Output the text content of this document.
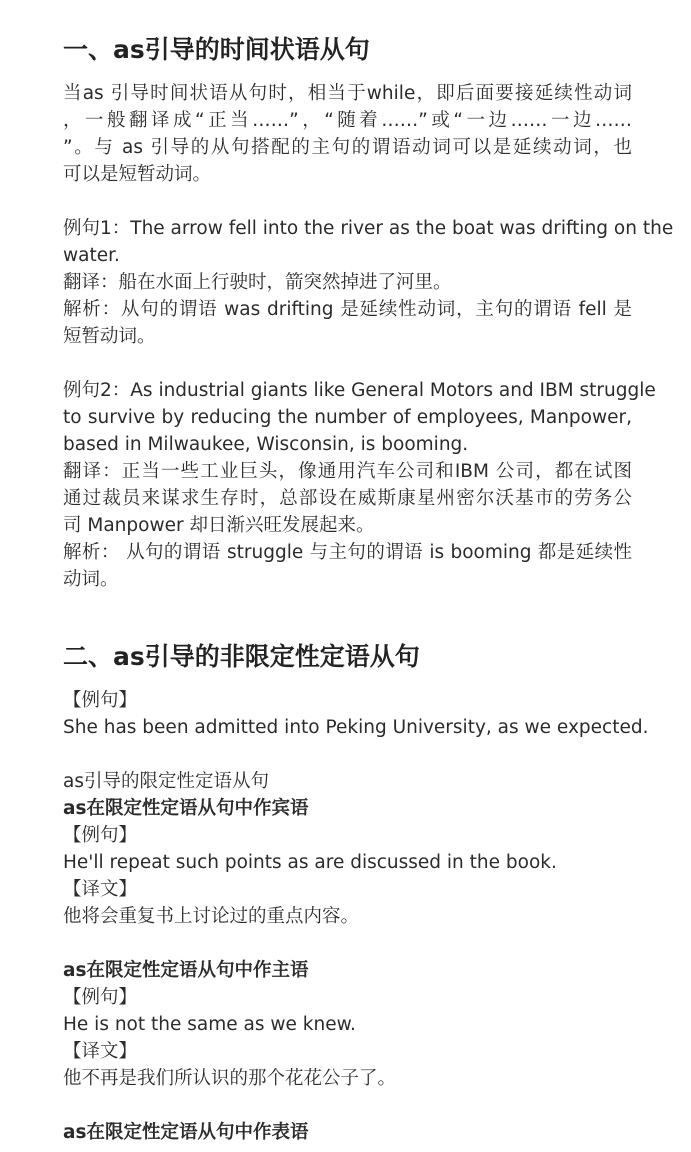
一、as引导的时间状语从句
当as 引导时间状语从句时，相当于while，即后面要接延续性动词
，一般翻译成“正当……”，“随着……”或“一边……一边……
”。与 as 引导的从句搭配的主句的谓语动词可以是延续动词，也
可以是短暂动词。
例句1：The arrow fell into the river as the boat was drifting on the
water.
翻译：船在水面上行驶时，箭突然掉进了河里。
解析：从句的谓语 was drifting 是延续性动词，主句的谓语 fell 是
短暂动词。
例句2：As industrial giants like General Motors and IBM struggle
to survive by reducing the number of employees, Manpower,
based in Milwaukee, Wisconsin, is booming.
翻译：正当一些工业巨头，像通用汽车公司和IBM 公司，都在试图
通过裁员来谋求生存时，总部设在威斯康星州密尔沃基市的劳务公
司 Manpower 却日渐兴旺发展起来。
解析： 从句的谓语 struggle 与主句的谓语 is booming 都是延续性
动词。
二、as引导的非限定性定语从句
【例句】
She has been admitted into Peking University, as we expected.
as引导的限定性定语从句
as在限定性定语从句中作宾语
【例句】
He'll repeat such points as are discussed in the book.
【译文】
他将会重复书上讨论过的重点内容。
as在限定性定语从句中作主语
【例句】
He is not the same as we knew.
【译文】
他不再是我们所认识的那个花花公子了。
as在限定性定语从句中作表语
